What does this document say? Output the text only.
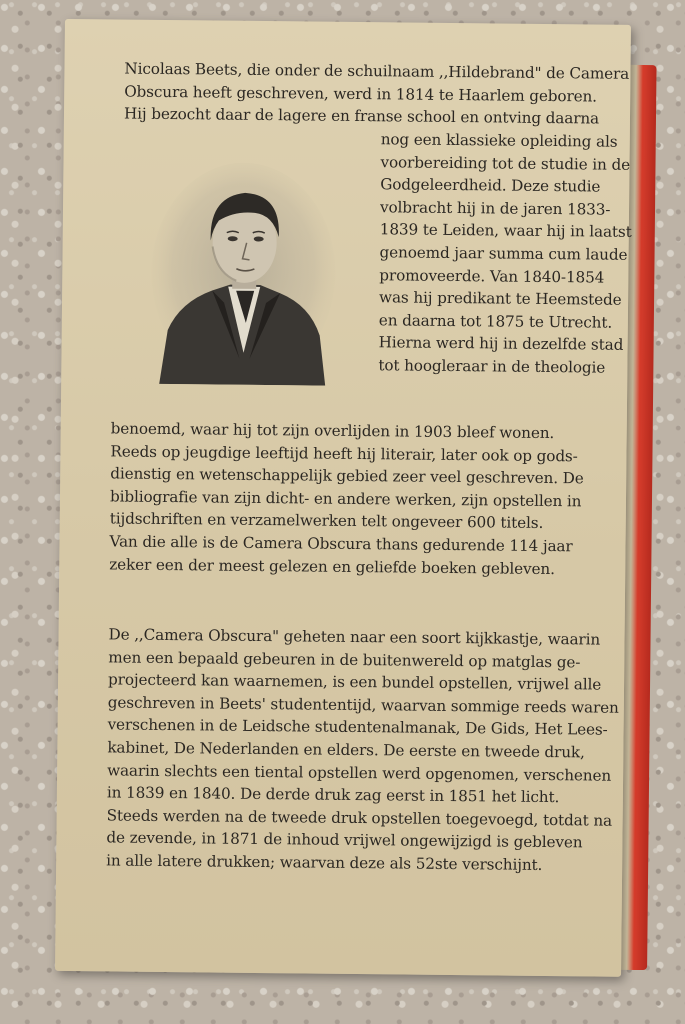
Nicolaas Beets, die onder de schuilnaam ,,Hildebrand" de Camera
Obscura heeft geschreven, werd in 1814 te Haarlem geboren.
Hij bezocht daar de lagere en franse school en ontving daarna
nog een klassieke opleiding als
voorbereiding tot de studie in de
Godgeleerdheid. Deze studie
volbracht hij in de jaren 1833-
1839 te Leiden, waar hij in laatst
genoemd jaar summa cum laude
promoveerde. Van 1840-1854
was hij predikant te Heemstede
en daarna tot 1875 te Utrecht.
Hierna werd hij in dezelfde stad
tot hoogleraar in de theologie
benoemd, waar hij tot zijn overlijden in 1903 bleef wonen.
Reeds op jeugdige leeftijd heeft hij literair, later ook op gods-
dienstig en wetenschappelijk gebied zeer veel geschreven. De
bibliografie van zijn dicht- en andere werken, zijn opstellen in
tijdschriften en verzamelwerken telt ongeveer 600 titels.
Van die alle is de Camera Obscura thans gedurende 114 jaar
zeker een der meest gelezen en geliefde boeken gebleven.
De ,,Camera Obscura" geheten naar een soort kijkkastje, waarin
men een bepaald gebeuren in de buitenwereld op matglas ge-
projecteerd kan waarnemen, is een bundel opstellen, vrijwel alle
geschreven in Beets' studententijd, waarvan sommige reeds waren
verschenen in de Leidsche studentenalmanak, De Gids, Het Lees-
kabinet, De Nederlanden en elders. De eerste en tweede druk,
waarin slechts een tiental opstellen werd opgenomen, verschenen
in 1839 en 1840. De derde druk zag eerst in 1851 het licht.
Steeds werden na de tweede druk opstellen toegevoegd, totdat na
de zevende, in 1871 de inhoud vrijwel ongewijzigd is gebleven
in alle latere drukken; waarvan deze als 52ste verschijnt.
